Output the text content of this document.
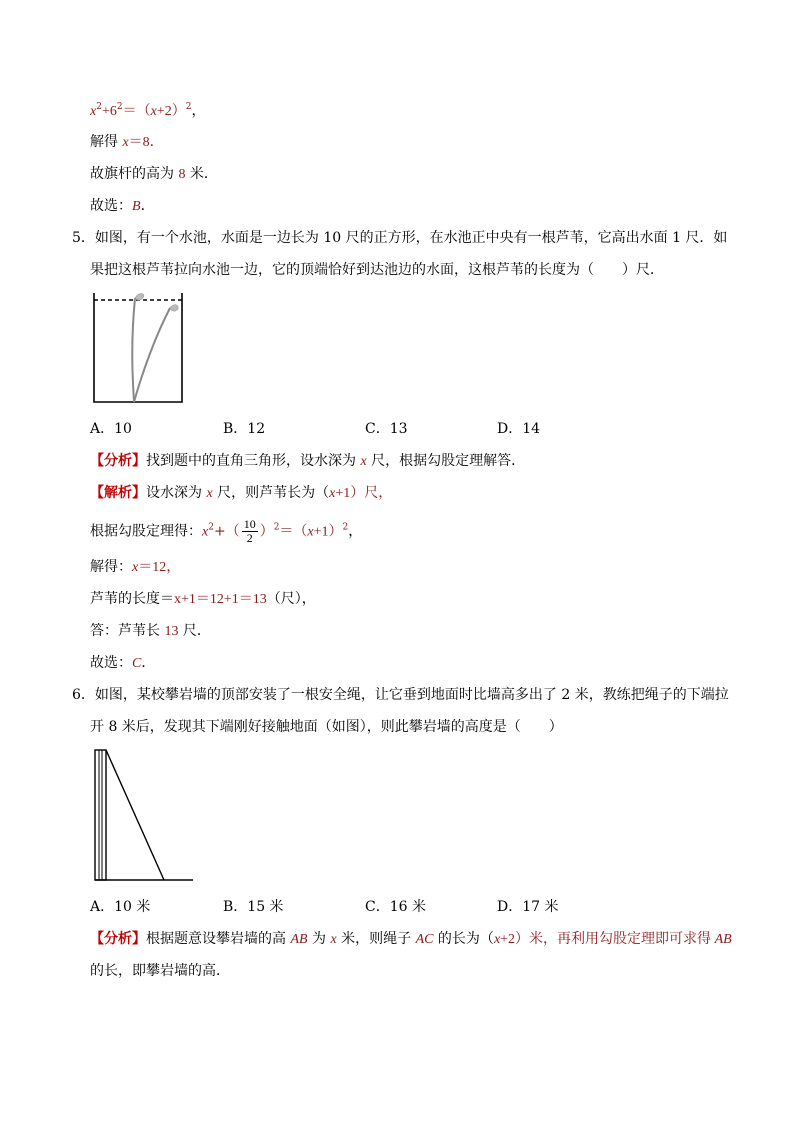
$x^2+6^2=(x+2)^2$，
解得 x＝8．
故旗杆的高为 8 米．
故选：B．
5．如图，有一个水池，水面是一边长为 10 尺的正方形，在水池正中央有一根芦苇，它高出水面 1 尺．如
果把这根芦苇拉向水池一边，它的顶端恰好到达池边的水面，这根芦苇的长度为（　　）尺．
A．10	B．12	C．13	D．14
【分析】找到题中的直角三角形，设水深为 x 尺，根据勾股定理解答．
【解析】设水深为 x 尺，则芦苇长为（x+1）尺，
根据勾股定理得：$x^2+( \frac{10}{2} )^2=(x+1)^2$，
解得：x＝12，
芦苇的长度＝x+1＝12+1＝13（尺），
答：芦苇长 13 尺．
故选：C．
6．如图，某校攀岩墙的顶部安装了一根安全绳，让它垂到地面时比墙高多出了 2 米，教练把绳子的下端拉
开 8 米后，发现其下端刚好接触地面（如图），则此攀岩墙的高度是（　　）
A．10 米	B．15 米	C．16 米	D．17 米
【分析】根据题意设攀岩墙的高 AB 为 x 米，则绳子 AC 的长为（x+2）米，再利用勾股定理即可求得 AB
的长，即攀岩墙的高．
